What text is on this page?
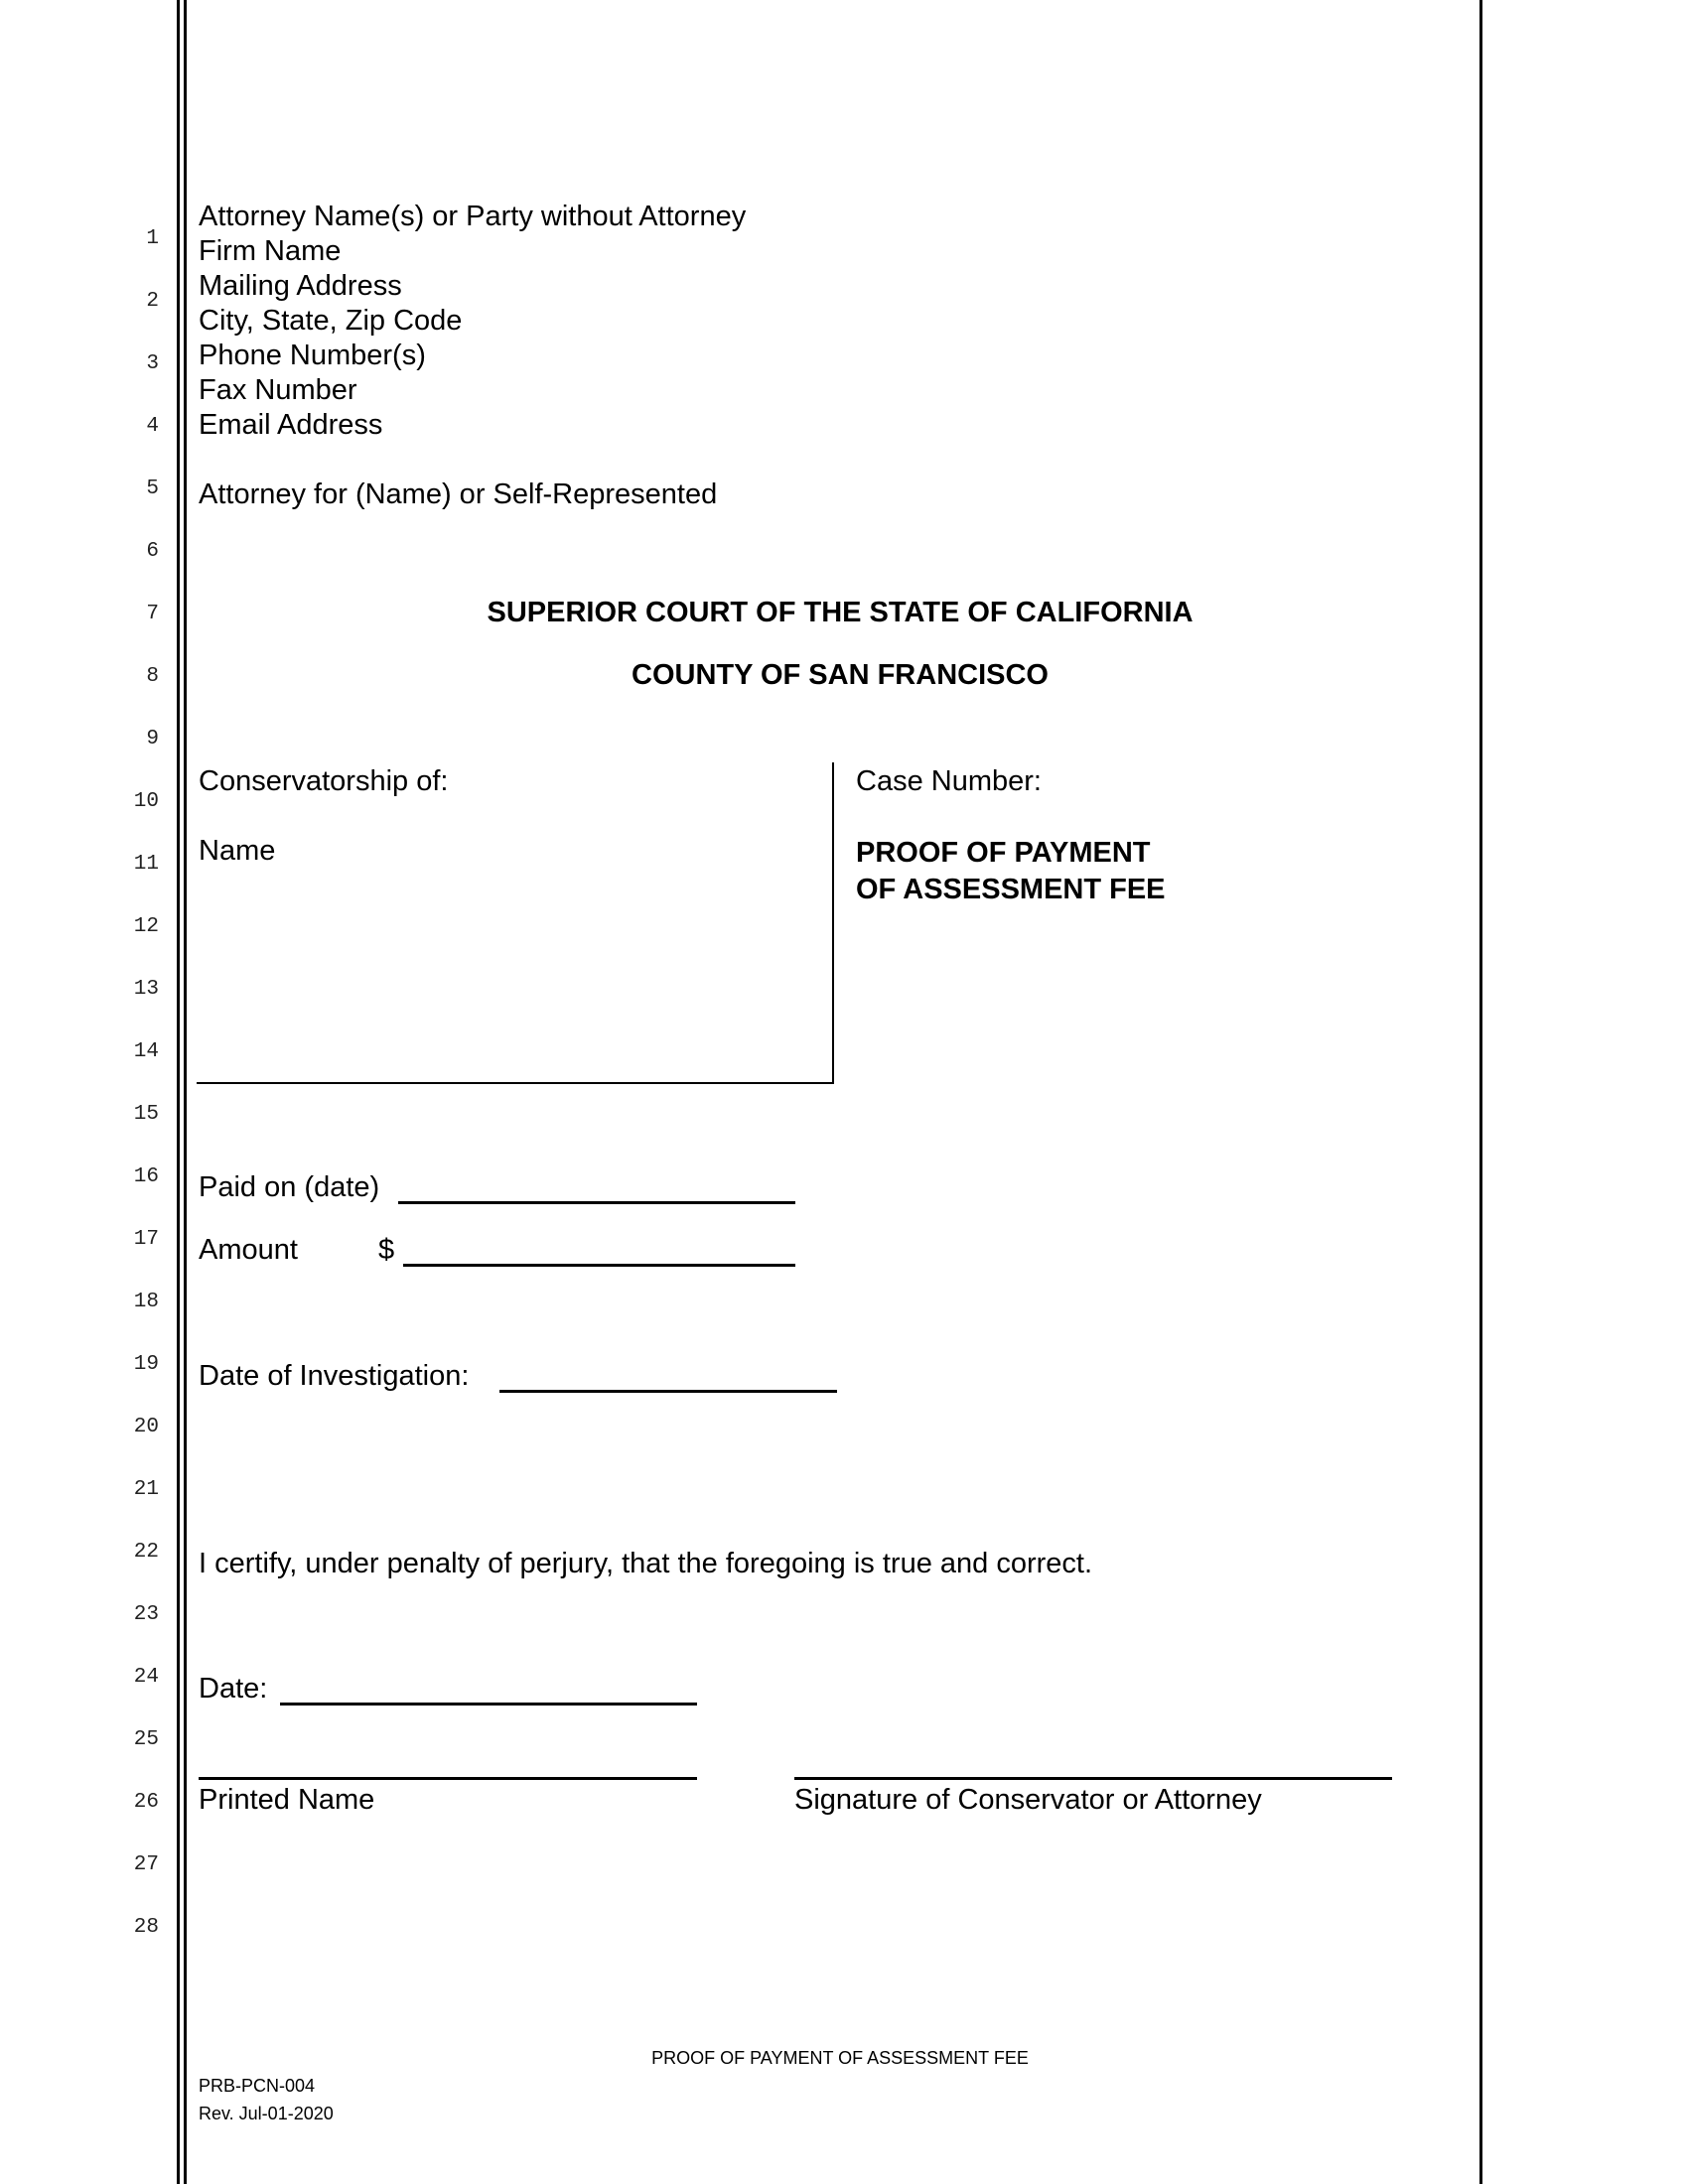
1
2
3
4
5
6
7
8
9
10
11
12
13
14
15
16
17
18
19
20
21
22
23
24
25
26
27
28
Attorney Name(s) or Party without Attorney
Firm Name
Mailing Address
City, State, Zip Code
Phone Number(s)
Fax Number
Email Address
Attorney for (Name) or Self-Represented
SUPERIOR COURT OF THE STATE OF CALIFORNIA
COUNTY OF SAN FRANCISCO
Conservatorship of:
Name
Case Number:
PROOF OF PAYMENT
OF ASSESSMENT FEE
Paid on (date)
Amount	$
Date of Investigation:
I certify, under penalty of perjury, that the foregoing is true and correct.
Date:
Printed Name	Signature of Conservator or Attorney
PROOF OF PAYMENT OF ASSESSMENT FEE
PRB-PCN-004
Rev. Jul-01-2020
